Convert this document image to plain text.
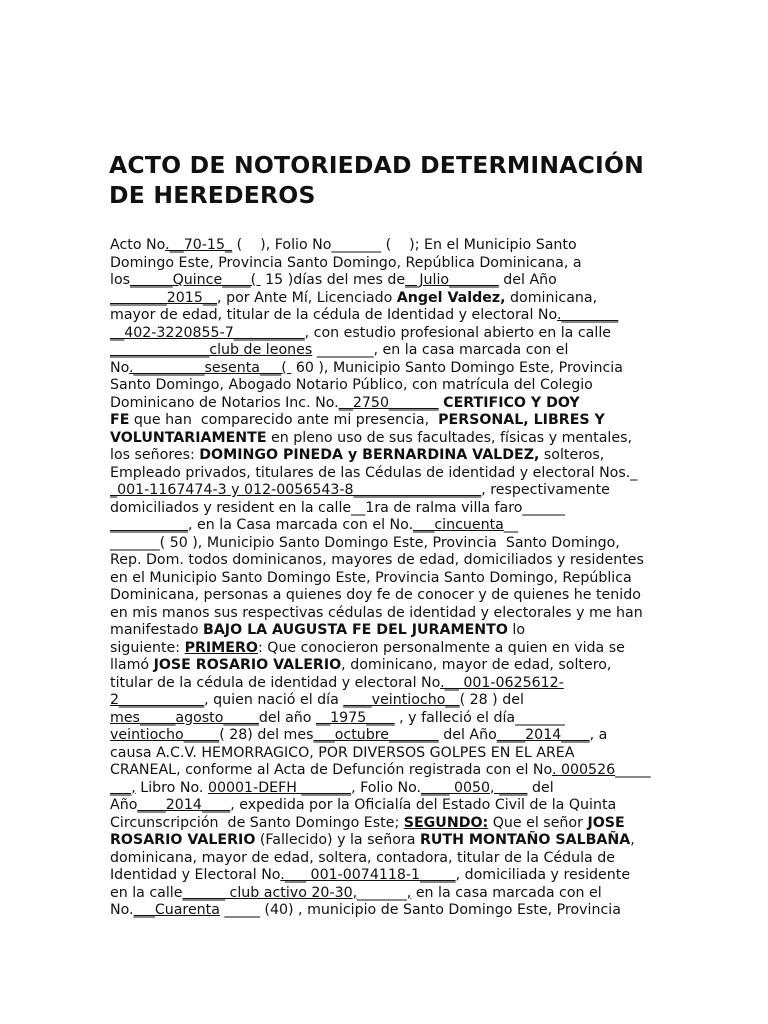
ACTO DE NOTORIEDAD DETERMINACIÓN
DE HEREDEROS
Acto No.__70-15_ (    ), Folio No_______ (    ); En el Municipio Santo
Domingo Este, Provincia Santo Domingo, República Dominicana, a
los______Quince____(  15 )días del mes de__Julio_______ del Año
________2015__, por Ante Mí, Licenciado Angel Valdez, dominicana,
mayor de edad, titular de la cédula de Identidad y electoral No.________
__402-3220855-7__________, con estudio profesional abierto en la calle
______________club de leones ________, en la casa marcada con el
No.__________sesenta___(  60 ), Municipio Santo Domingo Este, Provincia
Santo Domingo, Abogado Notario Público, con matrícula del Colegio
Dominicano de Notarios Inc. No.__2750_______ CERTIFICO Y DOY
FE que han  comparecido ante mi presencia,  PERSONAL, LIBRES Y
VOLUNTARIAMENTE en pleno uso de sus facultades, físicas y mentales,
los señores: DOMINGO PINEDA y BERNARDINA VALDEZ, solteros,
Empleado privados, titulares de las Cédulas de identidad y electoral Nos._
_001-1167474-3 y 012-0056543-8__________________, respectivamente
domiciliados y resident en la calle__1ra de ralma villa faro______
___________, en la Casa marcada con el No.___cincuenta__
_______( 50 ), Municipio Santo Domingo Este, Provincia  Santo Domingo,
Rep. Dom. todos dominicanos, mayores de edad, domiciliados y residentes
en el Municipio Santo Domingo Este, Provincia Santo Domingo, República
Dominicana, personas a quienes doy fe de conocer y de quienes he tenido
en mis manos sus respectivas cédulas de identidad y electorales y me han
manifestado BAJO LA AUGUSTA FE DEL JURAMENTO lo
siguiente: PRIMERO: Que conocieron personalmente a quien en vida se
llamó JOSE ROSARIO VALERIO, dominicano, mayor de edad, soltero,
titular de la cédula de identidad y electoral No.__ 001-0625612-
2____________, quien nació el día ____veintiocho__( 28 ) del
mes_____agosto_____del año __1975____ , y falleció el día_______
veintiocho_____( 28) del mes___octubre_______ del Año____2014____, a
causa A.C.V. HEMORRAGICO, POR DIVERSOS GOLPES EN EL AREA
CRANEAL, conforme al Acta de Defunción registrada con el No. 000526_____
___, Libro No. 00001-DEFH _______, Folio No.____ 0050, ____ del
Año____2014____, expedida por la Oficialía del Estado Civil de la Quinta
Circunscripción  de Santo Domingo Este; SEGUNDO: Que el señor JOSE
ROSARIO VALERIO (Fallecido) y la señora RUTH MONTAÑO SALBAÑA,
dominicana, mayor de edad, soltera, contadora, titular de la Cédula de
Identidad y Electoral No.___ 001-0074118-1_____, domiciliada y residente
en la calle______ club activo 20-30,_______, en la casa marcada con el
No.___Cuarenta _____ (40) , municipio de Santo Domingo Este, Provincia
